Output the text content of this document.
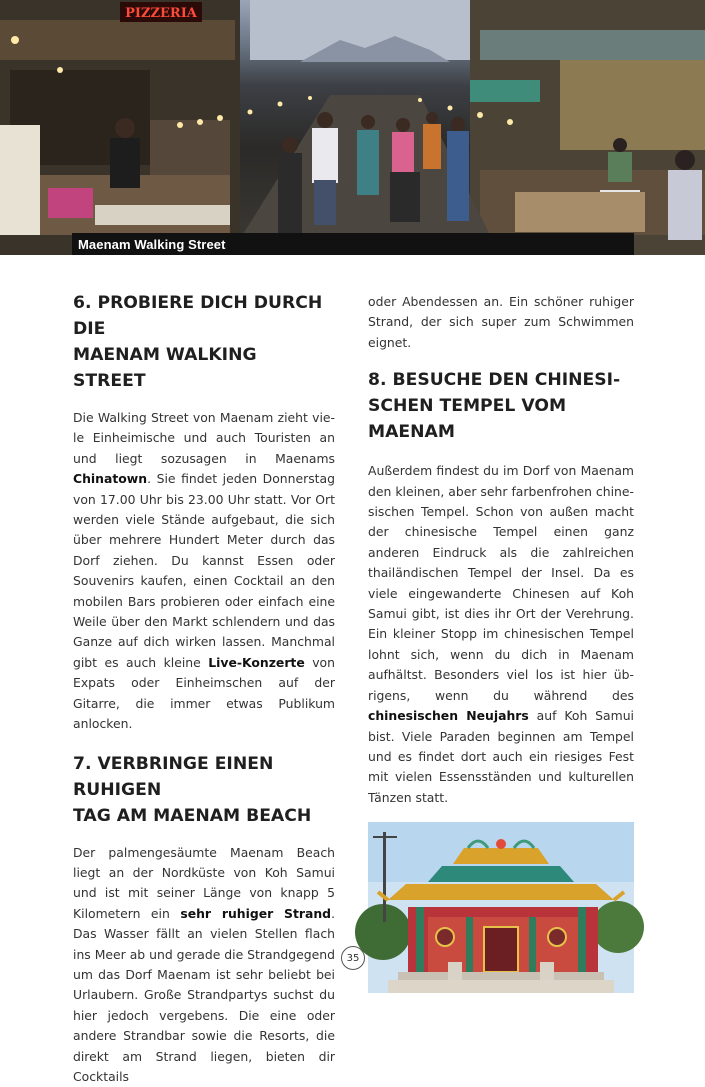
PIZZERIA
Maenam Walking Street
6. PROBIERE DICH DURCH DIE
MAENAM WALKING STREET

Die Walking Street von Maenam zieht viele Einheimische und auch Touristen an und liegt sozusagen in Maenams Chinatown. Sie findet jeden Donnerstag von 17.00 Uhr bis 23.00 Uhr statt. Vor Ort werden viele Stände aufgebaut, die sich über mehrere Hundert Meter durch das Dorf ziehen. Du kannst Essen oder Souvenirs kaufen, einen Cocktail an den mobilen Bars probieren oder einfach eine Weile über den Markt schlendern und das Ganze auf dich wirken lassen. Manchmal gibt es auch kleine Live-Konzerte von Expats oder Einheimschen auf der Gitarre, die immer etwas Publikum anlocken.

7. VERBRINGE EINEN RUHIGEN
TAG AM MAENAM BEACH

Der palmengesäumte Maenam Beach liegt an der Nordküste von Koh Samui und ist mit seiner Länge von knapp 5 Kilometern ein sehr ruhiger Strand. Das Wasser fällt an vielen Stellen flach ins Meer ab und gerade die Strandgegend um das Dorf Maenam ist sehr beliebt bei Urlaubern. Große Strandpartys suchst du hier jedoch vergebens. Die eine oder andere Strandbar sowie die Resorts, die direkt am Strand liegen, bieten dir Cocktails

oder Abendessen an. Ein schöner ruhiger Strand, der sich super zum Schwimmen eignet.

8. BESUCHE DEN CHINESI-
SCHEN TEMPEL VOM MAENAM

Außerdem findest du im Dorf von Maenam den kleinen, aber sehr farbenfrohen chinesischen Tempel. Schon von außen macht der chinesische Tempel einen ganz anderen Eindruck als die zahlreichen thailändischen Tempel der Insel. Da es viele eingewanderte Chinesen auf Koh Samui gibt, ist dies ihr Ort der Verehrung. Ein kleiner Stopp im chinesischen Tempel lohnt sich, wenn du dich in Maenam aufhältst. Besonders viel los ist hier übrigens, wenn du während des chinesischen Neujahrs auf Koh Samui bist. Viele Paraden beginnen am Tempel und es findet dort auch ein riesiges Fest mit vielen Essensständen und kulturellen Tänzen statt.

35
